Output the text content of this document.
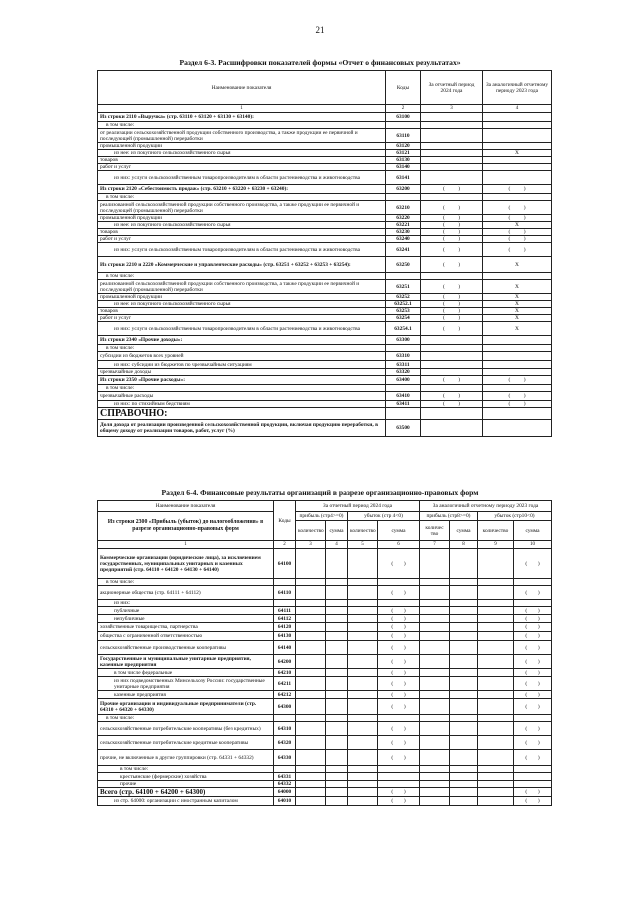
21
Раздел 6-3. Расшифровки показателей формы «Отчет о финансовых результатах»
Наименование показателя	Коды	За отчетный период 2024 года	За аналогичный отчетному периоду 2023 года
1	2	3	4
Из строки 2110 «Выручка» (стр. 63110 + 63120 + 63130 + 63140):	63100		
в том числе:			
от реализации сельскохозяйственной продукции собственного производства, а также продукции ее первичной и последующей (промышленной) переработки	63110		
промышленной продукции	63120		
из нее: из покупного сельскохозяйственного сырья	63121		X
товаров	63130		
работ и услуг	63140		
из них: услуги сельскохозяйственным товаропроизводителям в области растениеводства и животноводства	63141		
Из строки 2120 «Себестоимость продаж» (стр. 63210 + 63220 + 63230 + 63240):	63200	(          )	(          )
в том числе:			
реализованной сельскохозяйственной продукции собственного производства, а также продукции ее первичной и последующей (промышленной) переработки	63210	(          )	(          )
промышленной продукции	63220	(          )	(          )
из нее: из покупного сельскохозяйственного сырья	63221	(          )	X
товаров	63230	(          )	(          )
работ и услуг	63240	(          )	(          )
из них: услуги сельскохозяйственным товаропроизводителям в области растениеводства и животноводства	63241	(          )	(          )
Из строки 2210 и 2220 «Коммерческие и управленческие расходы» (стр. 63251 + 63252 + 63253 + 63254):	63250	(          )	X
в том числе:			
реализованной сельскохозяйственной продукции собственного производства, а также продукции ее первичной и последующей (промышленной) переработки	63251	(          )	X
промышленной продукции	63252	(          )	X
из нее: из покупного сельскохозяйственного сырья	63252.1	(          )	X
товаров	63253	(          )	X
работ и услуг	63254	(          )	X
из них: услуги сельскохозяйственным товаропроизводителям в области растениеводства и животноводства	63254.1	(          )	X
Из строки 2340 «Прочие доходы»:	63300		
в том числе:			
субсидии из бюджетов всех уровней	63310		
из них: субсидии из бюджетов по чрезвычайным ситуациям	63311		
чрезвычайные доходы	63320		
Из строки 2350 «Прочие расходы»:	63400	(          )	(          )
в том числе:			
чрезвычайные расходы	63410	(          )	(          )
из них: по стихийным бедствиям	63411	(          )	(          )
СПРАВОЧНО:			
Доля дохода от реализации произведенной сельскохозяйственной продукции, включая продукцию переработки, в общему доходу от реализации товаров, работ, услуг (%)	63500		
Раздел 6-4. Финансовые результаты организаций в разрезе организационно-правовых форм
Наименование показателя	Коды	За отчетный период 2024 года				За аналогичный отчетному периоду 2023 года			
Из строки 2300 «Прибыль (убыток) до налогообложения» в разрезе организационно-правовых форм		прибыль (стр4>=0)		убыток (стр 4<0)		прибыль (стр8>=0)		убыток (стр10<0)	
		количество	сумма	количество	сумма	количес тво	сумма	количество	сумма
1	2	3	4	5	6	7	8	9	10
Коммерческие организации (юридические лица), за исключением государственных, муниципальных унитарных и казенных предприятий (стр. 64110 + 64120 + 64130 + 64140)	64100				(        )				(        )
в том числе:									
акционерные общества (стр. 64111 + 64112)	64110				(        )				(        )
из них:									
публичные	64111				(        )				(        )
непубличные	64112				(        )				(        )
хозяйственные товарищества, партнерства	64120				(        )				(        )
общества с ограниченной ответственностью	64130				(        )				(        )
сельскохозяйственные производственные кооперативы	64140				(        )				(        )
Государственные и муниципальные унитарные предприятия, казенные предприятия	64200				(        )				(        )
в том числе федеральные	64210				(        )				(        )
из них подведомственных Минсельхозу России: государственные унитарные предприятия	64211				(        )				(        )
казенные предприятия	64212				(        )				(        )
Прочие организации и индивидуальные предприниматели (стр. 64310 + 64320 + 64330)	64300				(        )				(        )
в том числе:									
сельскохозяйственные потребительские кооперативы (без кредитных)	64310				(        )				(        )
сельскохозяйственные потребительские кредитные кооперативы	64320				(        )				(        )
прочие, не включенные в другие группировки (стр. 64331 + 64332)	64330				(        )				(        )
в том числе:									
крестьянские (фермерские) хозяйства	64331								
прочие	64332								
Всего (стр. 64100 + 64200 + 64300)	64000				(        )				(        )
из стр. 64000: организации с иностранным капиталом	64010				(        )				(        )
